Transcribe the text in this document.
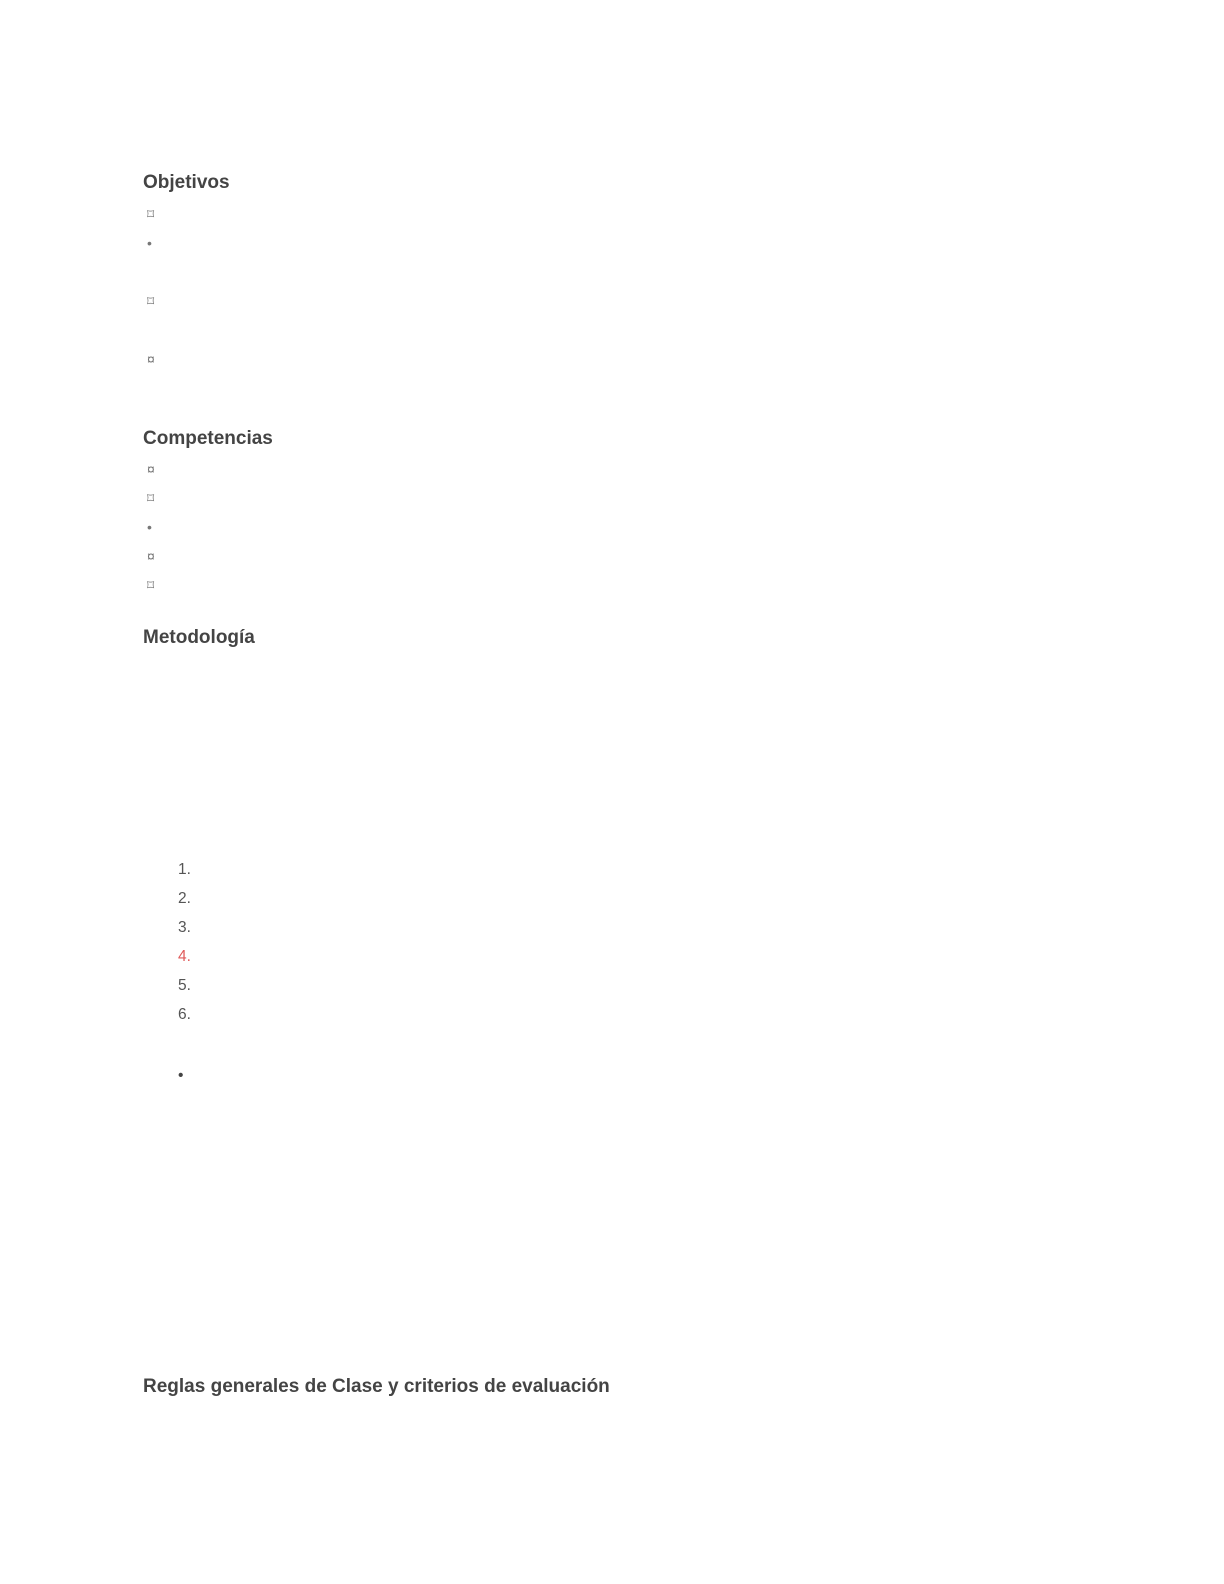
Objetivos
⌑
•
⌑
¤
Competencias
¤
⌑
•
¤
⌑
Metodología
1.
2.
3.
4.
5.
6.
•
Reglas generales de Clase y criterios de evaluación
